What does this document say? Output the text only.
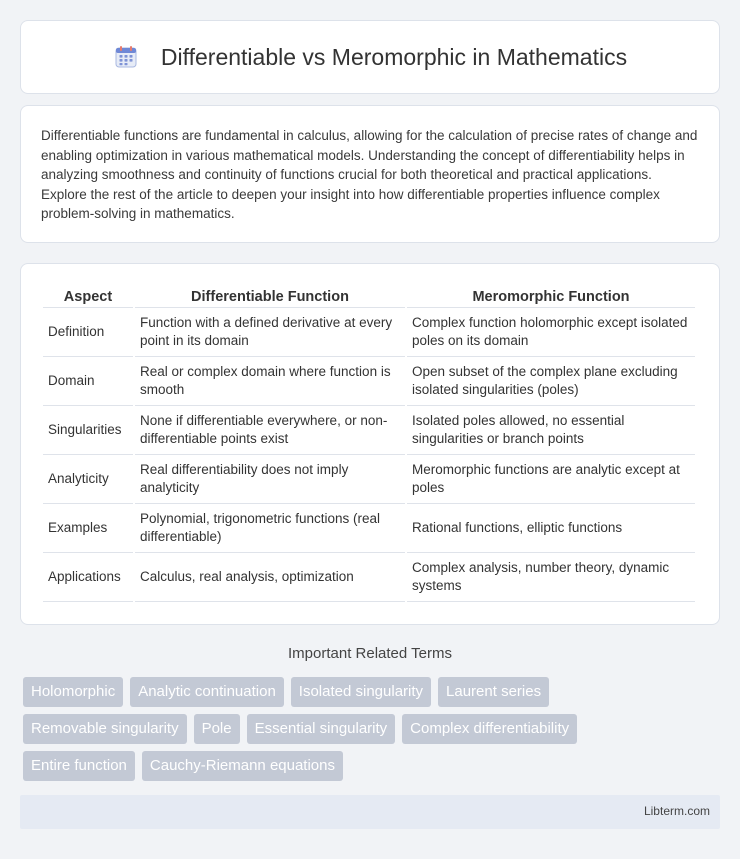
Differentiable vs Meromorphic in Mathematics

Differentiable functions are fundamental in calculus, allowing for the calculation of precise rates of change and enabling optimization in various mathematical models. Understanding the concept of differentiability helps in analyzing smoothness and continuity of functions crucial for both theoretical and practical applications. Explore the rest of the article to deepen your insight into how differentiable properties influence complex problem-solving in mathematics.

Aspect	Differentiable Function	Meromorphic Function
Definition	Function with a defined derivative at every point in its domain	Complex function holomorphic except isolated poles on its domain
Domain	Real or complex domain where function is smooth	Open subset of the complex plane excluding isolated singularities (poles)
Singularities	None if differentiable everywhere, or non-differentiable points exist	Isolated poles allowed, no essential singularities or branch points
Analyticity	Real differentiability does not imply analyticity	Meromorphic functions are analytic except at poles
Examples	Polynomial, trigonometric functions (real differentiable)	Rational functions, elliptic functions
Applications	Calculus, real analysis, optimization	Complex analysis, number theory, dynamic systems
Important Related Terms
Holomorphic	Analytic continuation	Isolated singularity	Laurent series
Removable singularity	Pole	Essential singularity	Complex differentiability
Entire function	Cauchy-Riemann equations
Libterm.com
